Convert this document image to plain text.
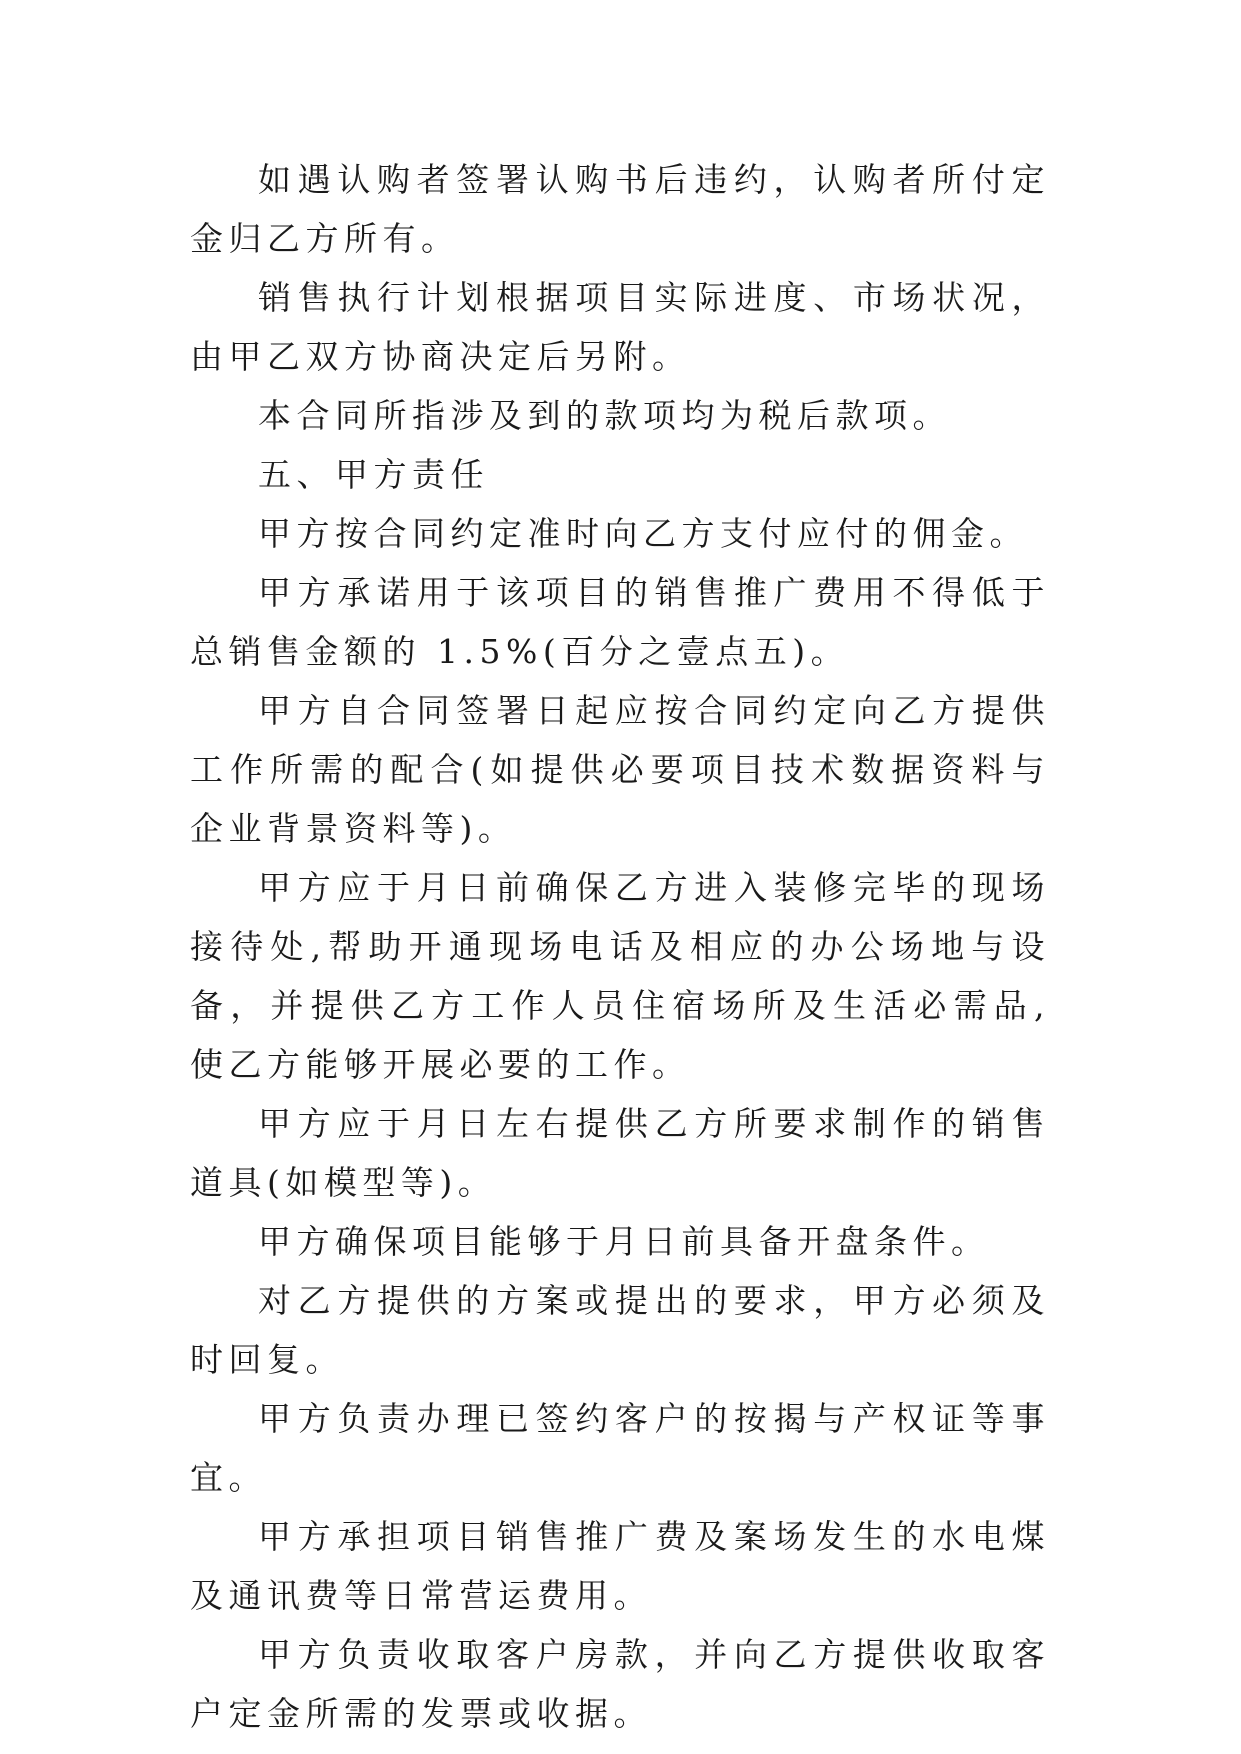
如遇认购者签署认购书后违约，认购者所付定金归乙方所有。

销售执行计划根据项目实际进度、市场状况，由甲乙双方协商决定后另附。

本合同所指涉及到的款项均为税后款项。

五、甲方责任

甲方按合同约定准时向乙方支付应付的佣金。

甲方承诺用于该项目的销售推广费用不得低于总销售金额的 1.5%(百分之壹点五)。

甲方自合同签署日起应按合同约定向乙方提供工作所需的配合(如提供必要项目技术数据资料与企业背景资料等)。

甲方应于月日前确保乙方进入装修完毕的现场接待处,帮助开通现场电话及相应的办公场地与设备，并提供乙方工作人员住宿场所及生活必需品,使乙方能够开展必要的工作。

甲方应于月日左右提供乙方所要求制作的销售道具(如模型等)。

甲方确保项目能够于月日前具备开盘条件。

对乙方提供的方案或提出的要求，甲方必须及时回复。

甲方负责办理已签约客户的按揭与产权证等事宜。

甲方承担项目销售推广费及案场发生的水电煤及通讯费等日常营运费用。

甲方负责收取客户房款，并向乙方提供收取客户定金所需的发票或收据。
